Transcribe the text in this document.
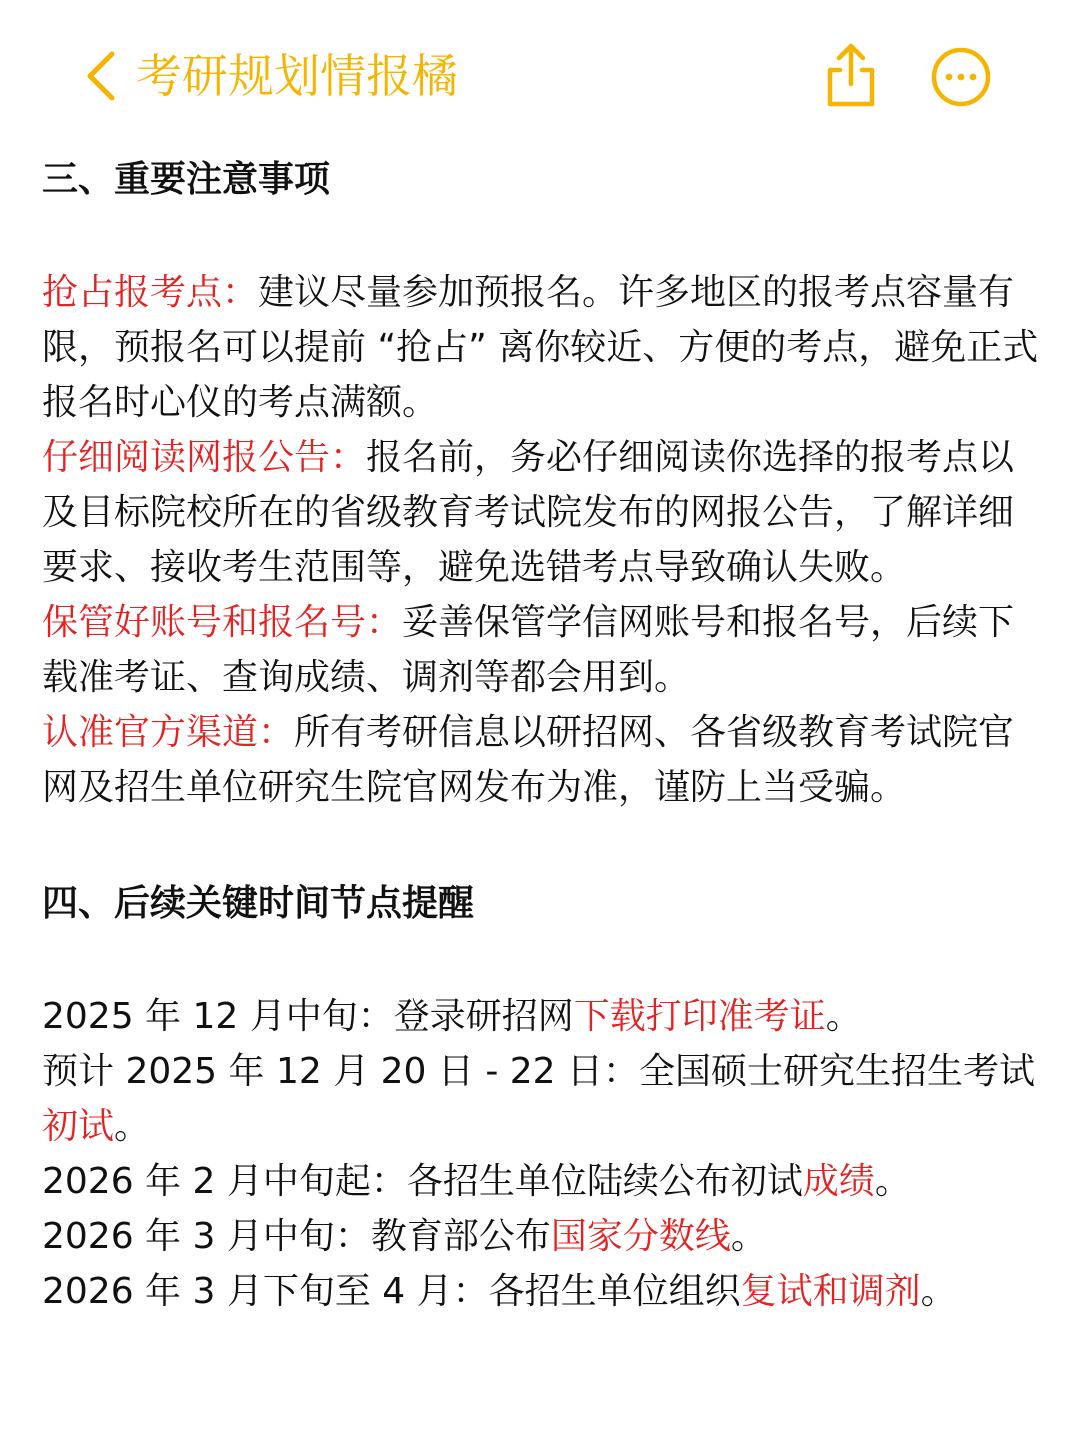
考研规划情报橘
三、重要注意事项
抢占报考点：建议尽量参加预报名。许多地区的报考点容量有限，预报名可以提前 “抢占” 离你较近、方便的考点，避免正式报名时心仪的考点满额。
仔细阅读网报公告：报名前，务必仔细阅读你选择的报考点以及目标院校所在的省级教育考试院发布的网报公告，了解详细要求、接收考生范围等，避免选错考点导致确认失败。
保管好账号和报名号：妥善保管学信网账号和报名号，后续下载准考证、查询成绩、调剂等都会用到。
认准官方渠道：所有考研信息以研招网、各省级教育考试院官网及招生单位研究生院官网发布为准，谨防上当受骗。
四、后续关键时间节点提醒
2025 年 12 月中旬：登录研招网下载打印准考证。
预计 2025 年 12 月 20 日 - 22 日：全国硕士研究生招生考试初试。
2026 年 2 月中旬起：各招生单位陆续公布初试成绩。
2026 年 3 月中旬：教育部公布国家分数线。
2026 年 3 月下旬至 4 月：各招生单位组织复试和调剂。
